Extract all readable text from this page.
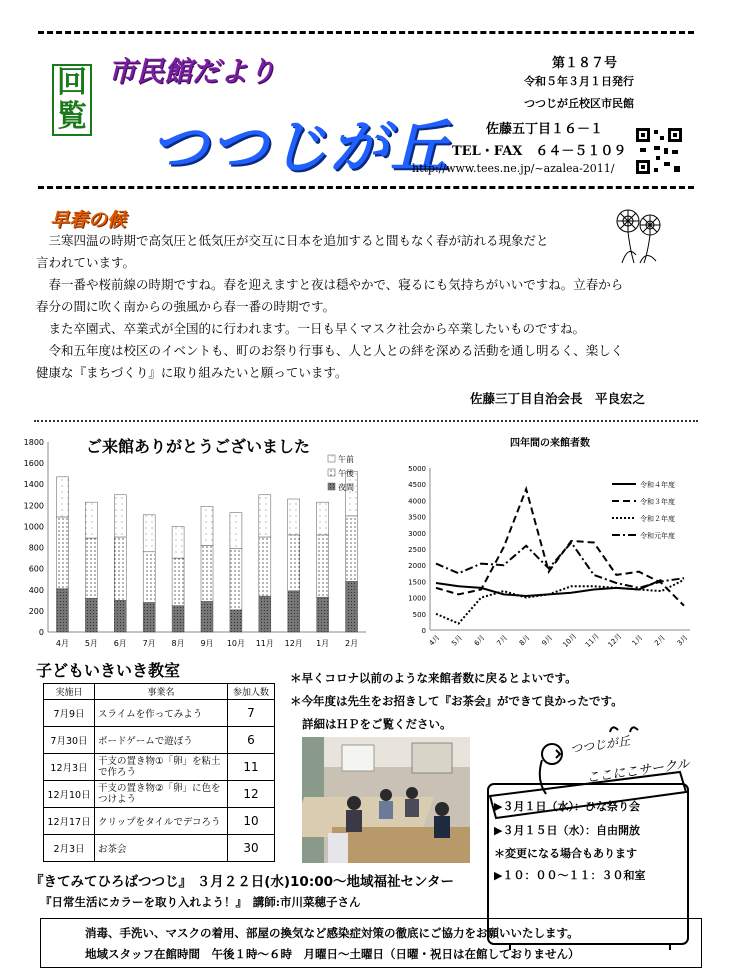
回
覧
市民館だより
つつじが丘
第１８７号
令和５年３月１日発行
つつじが丘校区市民館
佐藤五丁目１６－１
TEL・FAX　６４－５１０９
http://www.tees.ne.jp/~azalea-2011/
早春の候
　三寒四温の時期で高気圧と低気圧が交互に日本を追加すると間もなく春が訪れる現象だと
言われています。
　春一番や桜前線の時期ですね。春を迎えますと夜は穏やかで、寝るにも気持ちがいいですね。立春から
春分の間に吹く南からの強風から春一番の時期です。
　また卒園式、卒業式が全国的に行われます。一日も早くマスク社会から卒業したいものですね。
　令和五年度は校区のイベントも、町のお祭り行事も、人と人との絆を深める活動を通し明るく、楽しく
健康な『まちづくり』に取り組みたいと願っています。
佐藤三丁目自治会長　平良宏之
ご来館ありがとうございました
0
200
400
600
800
1000
1200
1400
1600
1800
4月 5月 6月 7月 8月 9月 10月 11月 12月 1月 2月
午前
午後
夜間
四年間の来館者数
0
500
1000
1500
2000
2500
3000
3500
4000
4500
5000
4月 5月 6月 7月 8月 9月 10月 11月 12月 1月 2月 3月
令和４年度
令和３年度
令和２年度
令和元年度
子どもいきいき教室
実施日	事業名	参加人数
7月9日	スライムを作ってみよう	7
7月30日	ボードゲームで遊ぼう	6
12月3日	干支の置き物①「卵」を粘土で作ろう	11
12月10日	干支の置き物②「卵」に色をつけよう	12
12月17日	クリップをタイルでデコろう	10
2月3日	お茶会	30
＊早くコロナ以前のような来館者数に戻るとよいです。
＊今年度は先生をお招きして『お茶会』ができて良かったです。
詳細はＨＰをご覧ください。
つつじが丘
ここにこサークル
▶３月１日（水）：ひな祭り会
▶３月１５日（水）：自由開放
＊変更になる場合もあります
▶１０：００～１１：３０和室
『きてみてひろばつつじ』 ３月２２日(水)10:00～地域福祉センター
『日常生活にカラーを取り入れよう！』　講師:市川菜穂子さん
消毒、手洗い、マスクの着用、部屋の換気など感染症対策の徹底にご協力をお願いいたします。
地域スタッフ在館時間　午後１時～６時　月曜日～土曜日（日曜・祝日は在館しておりません）
